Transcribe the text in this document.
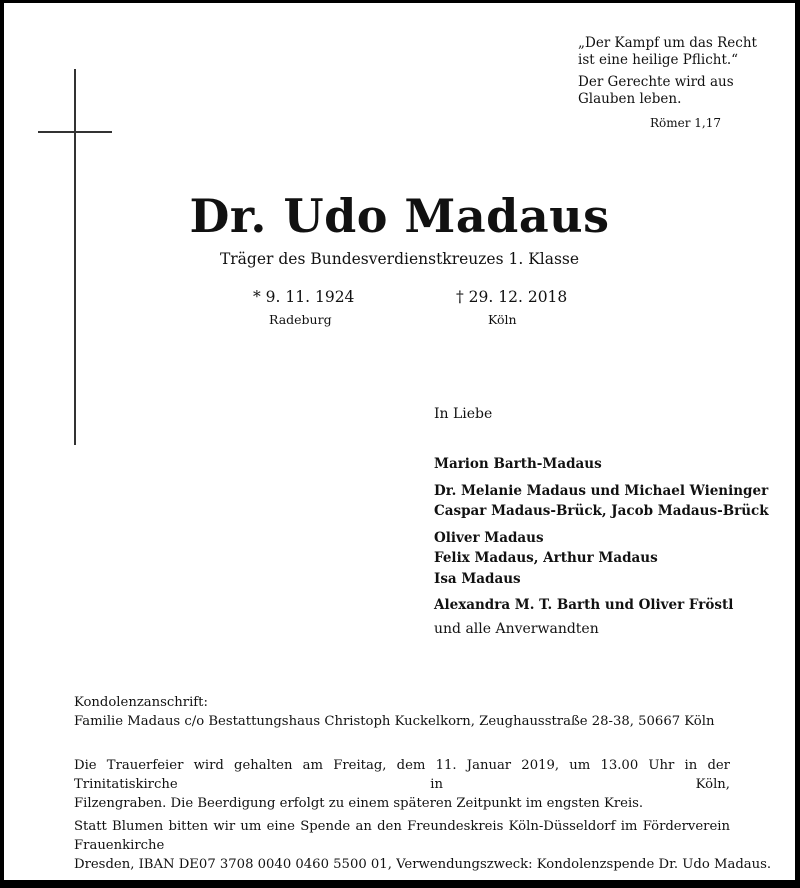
„Der Kampf um das Recht
ist eine heilige Pflicht.“
Der Gerechte wird aus
Glauben leben.
Römer 1,17
Dr. Udo Madaus
Träger des Bundesverdienstkreuzes 1. Klasse
* 9. 11. 1924
Radeburg
† 29. 12. 2018
Köln
In Liebe
Marion Barth-Madaus
Dr. Melanie Madaus und Michael Wieninger
Caspar Madaus-Brück, Jacob Madaus-Brück
Oliver Madaus
Felix Madaus, Arthur Madaus
Isa Madaus
Alexandra M. T. Barth und Oliver Fröstl
und alle Anverwandten
Kondolenzanschrift:
Familie Madaus c/o Bestattungshaus Christoph Kuckelkorn, Zeughausstraße 28-38, 50667 Köln
Die Trauerfeier wird gehalten am Freitag, dem 11. Januar 2019, um 13.00 Uhr in der Trinitatiskirche in Köln,
Filzengraben. Die Beerdigung erfolgt zu einem späteren Zeitpunkt im engsten Kreis.
Statt Blumen bitten wir um eine Spende an den Freundeskreis Köln-Düsseldorf im Förderverein Frauenkirche
Dresden, IBAN DE07 3708 0040 0460 5500 01, Verwendungszweck: Kondolenzspende Dr. Udo Madaus.
